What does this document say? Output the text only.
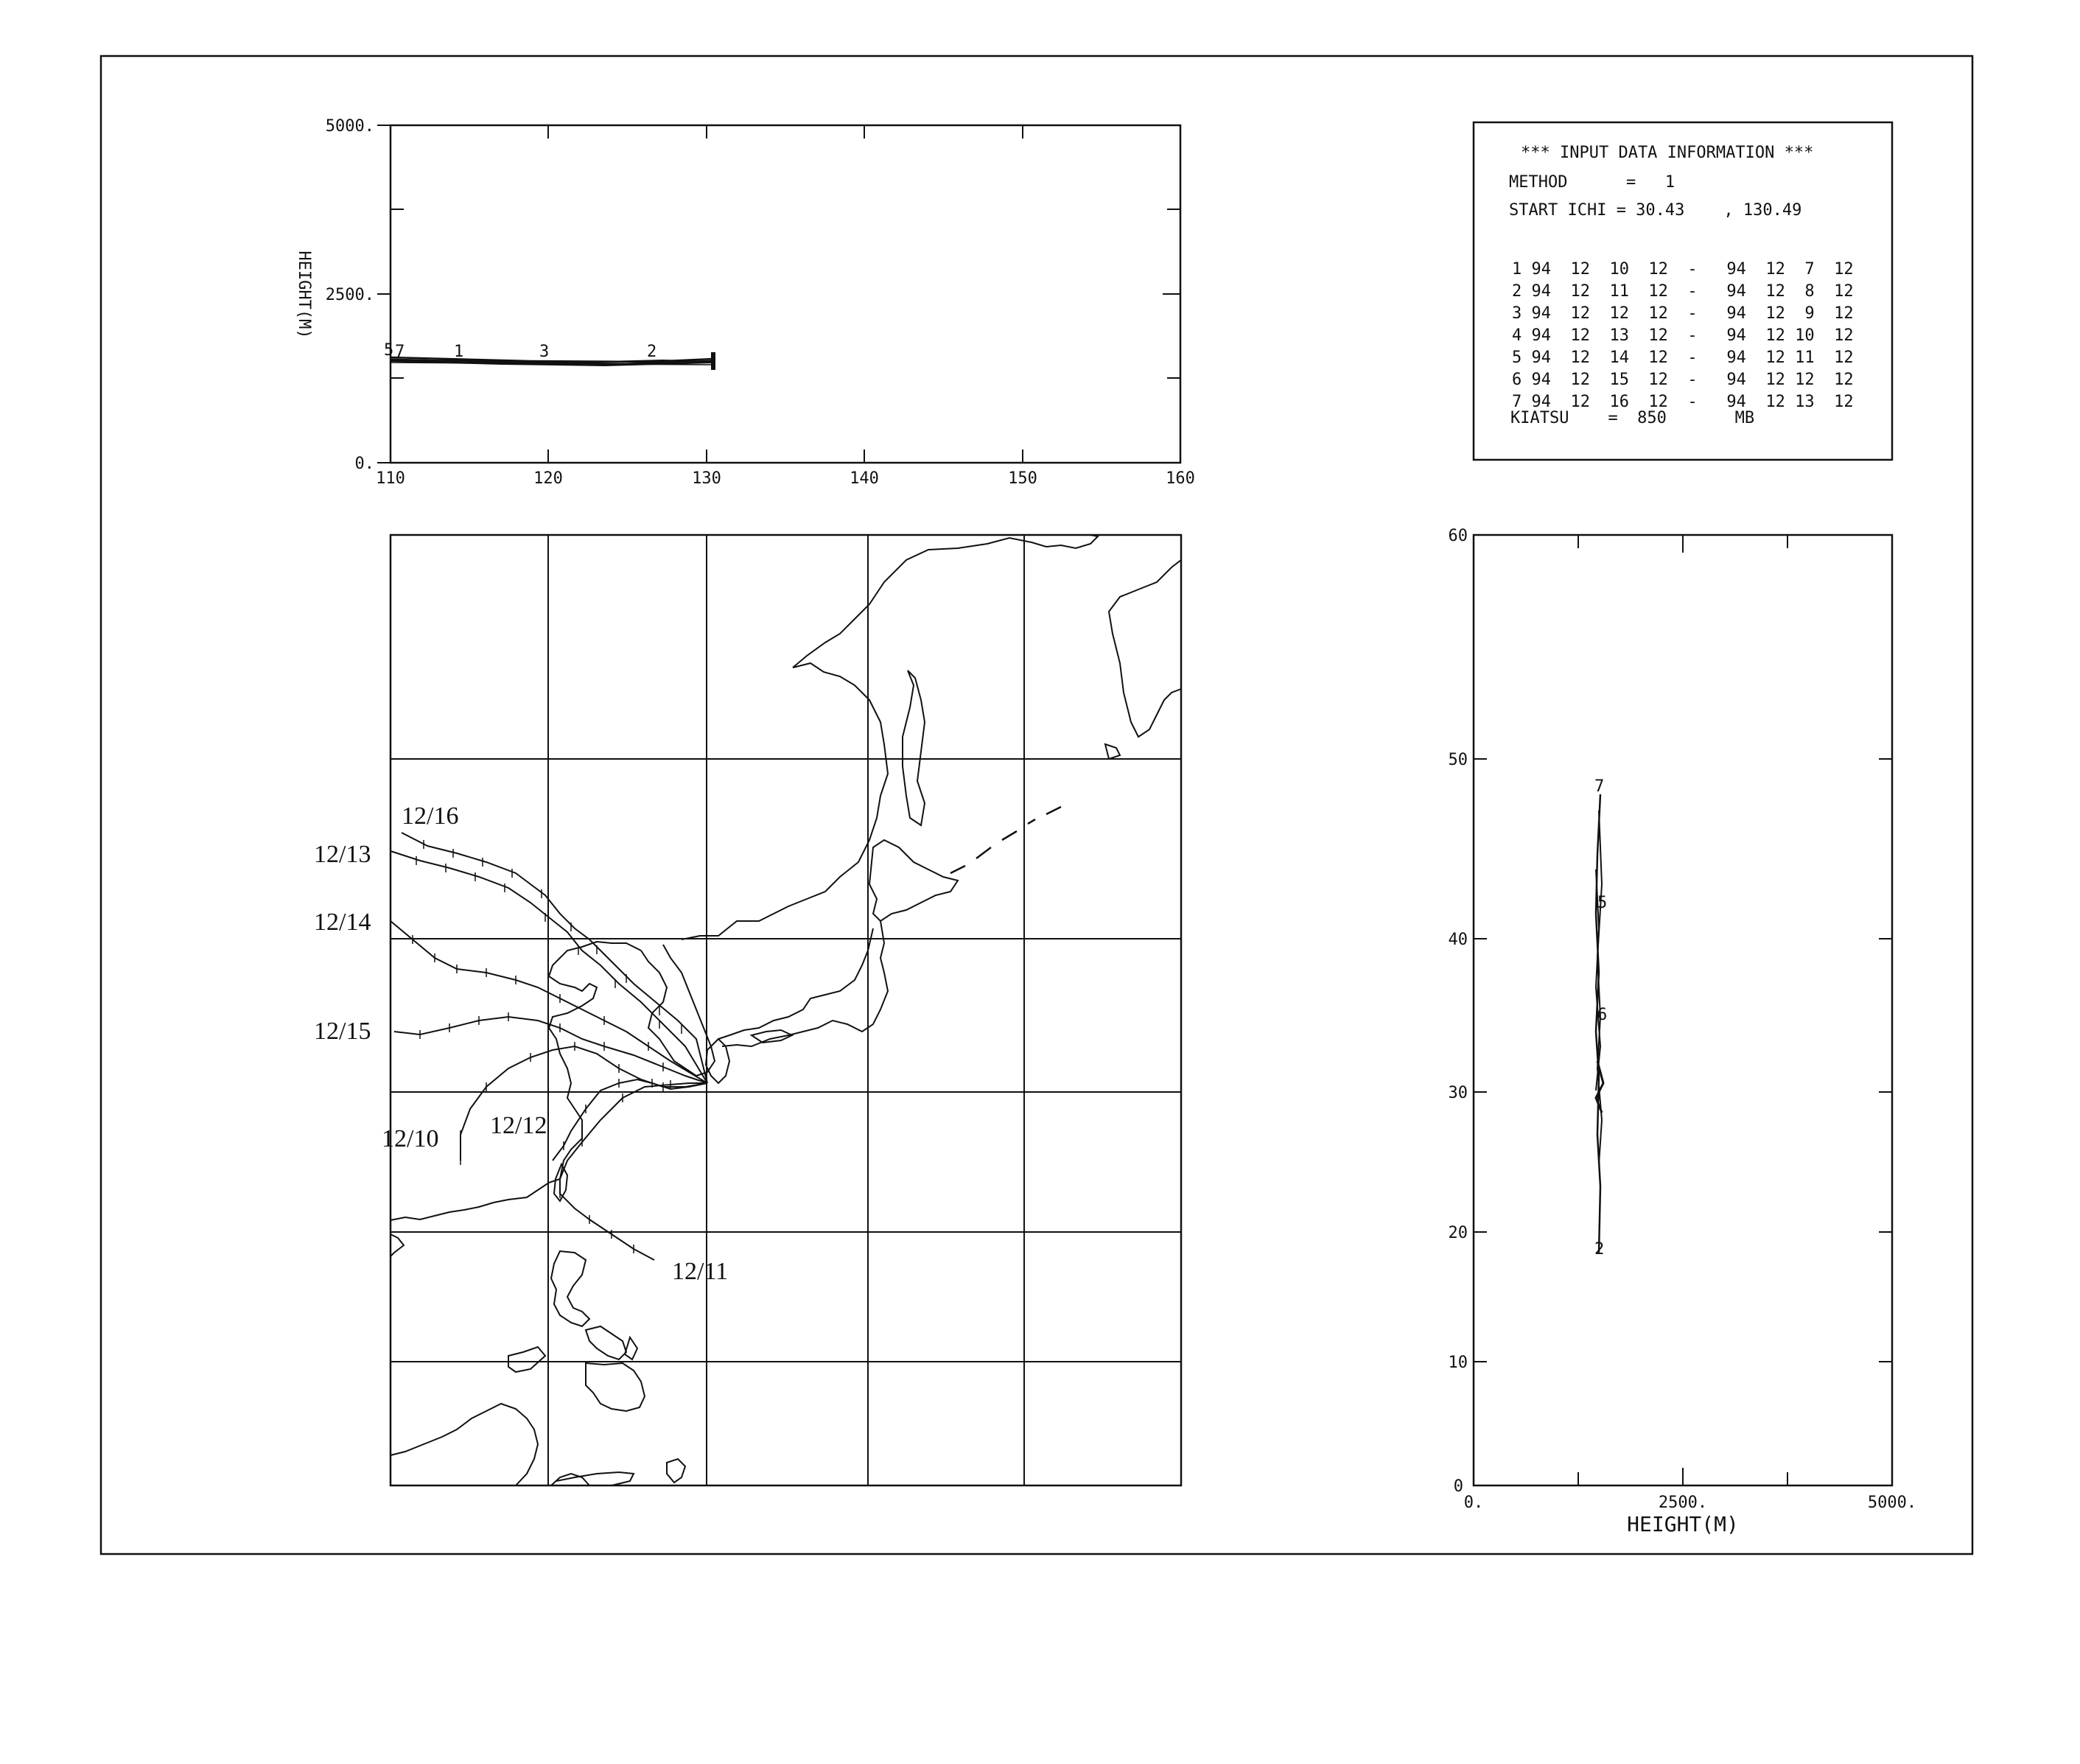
5000.
2500.
0.
110	120	130	140	150	160
HEIGHT(M)
5 7	1	3	2
*** INPUT DATA INFORMATION ***
METHOD      =   1
START ICHI = 30.43    , 130.49
1 94  12  10  12  -   94  12  7  12
2 94  12  11  12  -   94  12  8  12
3 94  12  12  12  -   94  12  9  12
4 94  12  13  12  -   94  12 10  12
5 94  12  14  12  -   94  12 11  12
6 94  12  15  12  -   94  12 12  12
7 94  12  16  12  -   94  12 13  12
KIATSU    =  850       MB
12/16
12/13
12/14
12/15
12/10 12/12
12/11
60
50
40
30
20
10
0
0.	2500.	5000.
HEIGHT(M)
7
5
6
2
